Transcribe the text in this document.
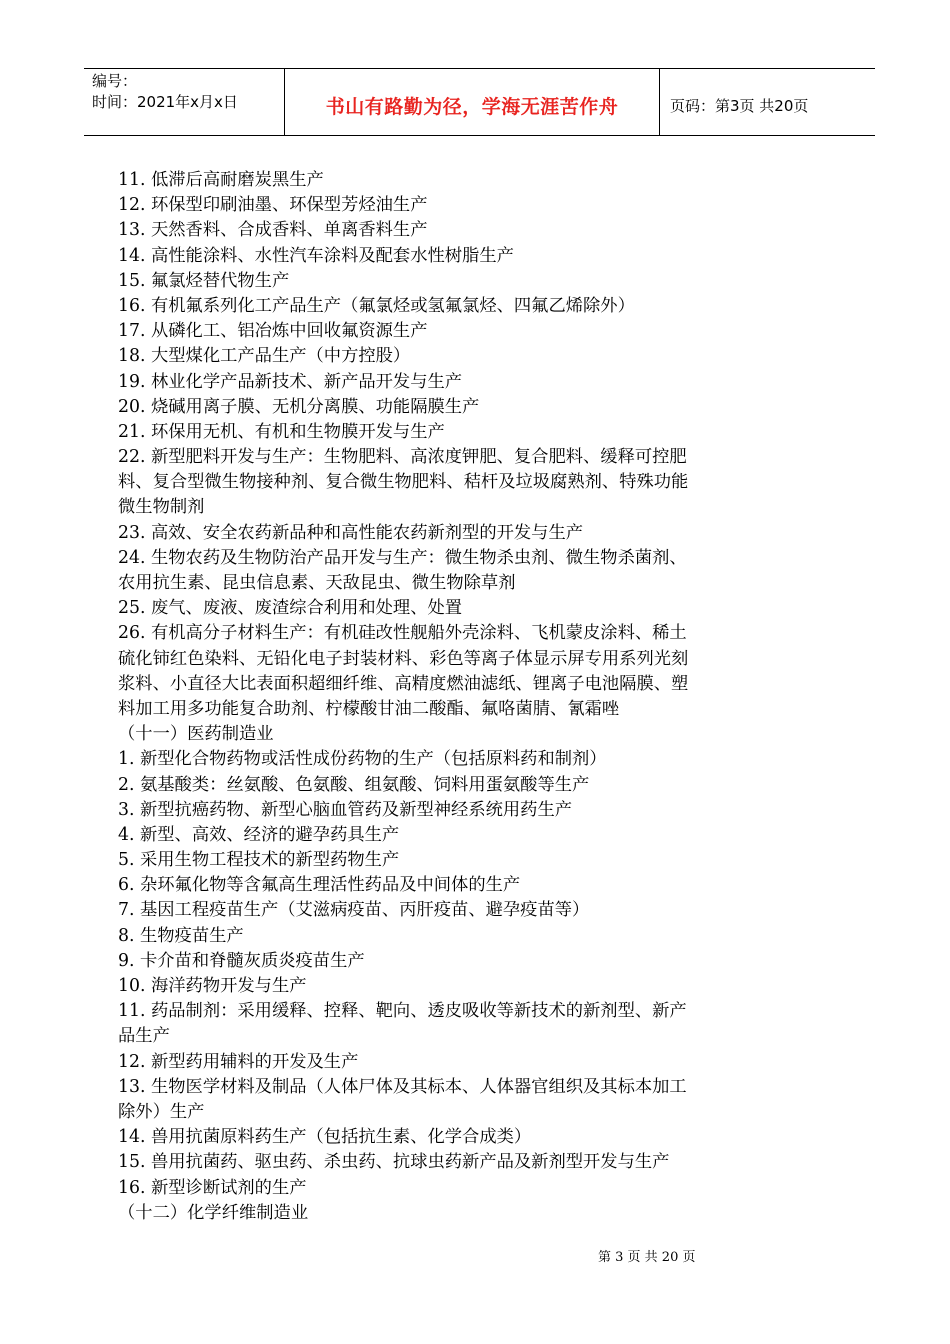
编号：
时间：2021年x月x日	书山有路勤为径，学海无涯苦作舟	页码：第3页 共20页
11. 低滞后高耐磨炭黑生产
12. 环保型印刷油墨、环保型芳烃油生产
13. 天然香料、合成香料、单离香料生产
14. 高性能涂料、水性汽车涂料及配套水性树脂生产
15. 氟氯烃替代物生产
16. 有机氟系列化工产品生产（氟氯烃或氢氟氯烃、四氟乙烯除外）
17. 从磷化工、铝冶炼中回收氟资源生产
18. 大型煤化工产品生产（中方控股）
19. 林业化学产品新技术、新产品开发与生产
20. 烧碱用离子膜、无机分离膜、功能隔膜生产
21. 环保用无机、有机和生物膜开发与生产
22. 新型肥料开发与生产：生物肥料、高浓度钾肥、复合肥料、缓释可控肥
料、复合型微生物接种剂、复合微生物肥料、秸杆及垃圾腐熟剂、特殊功能
微生物制剂
23. 高效、安全农药新品种和高性能农药新剂型的开发与生产
24. 生物农药及生物防治产品开发与生产：微生物杀虫剂、微生物杀菌剂、
农用抗生素、昆虫信息素、天敌昆虫、微生物除草剂
25. 废气、废液、废渣综合利用和处理、处置
26. 有机高分子材料生产：有机硅改性舰船外壳涂料、飞机蒙皮涂料、稀土
硫化铈红色染料、无铅化电子封装材料、彩色等离子体显示屏专用系列光刻
浆料、小直径大比表面积超细纤维、高精度燃油滤纸、锂离子电池隔膜、塑
料加工用多功能复合助剂、柠檬酸甘油二酸酯、氟咯菌腈、氰霜唑
（十一）医药制造业
1. 新型化合物药物或活性成份药物的生产（包括原料药和制剂）
2. 氨基酸类：丝氨酸、色氨酸、组氨酸、饲料用蛋氨酸等生产
3. 新型抗癌药物、新型心脑血管药及新型神经系统用药生产
4. 新型、高效、经济的避孕药具生产
5. 采用生物工程技术的新型药物生产
6. 杂环氟化物等含氟高生理活性药品及中间体的生产
7. 基因工程疫苗生产（艾滋病疫苗、丙肝疫苗、避孕疫苗等）
8. 生物疫苗生产
9. 卡介苗和脊髓灰质炎疫苗生产
10. 海洋药物开发与生产
11. 药品制剂：采用缓释、控释、靶向、透皮吸收等新技术的新剂型、新产
品生产
12. 新型药用辅料的开发及生产
13. 生物医学材料及制品（人体尸体及其标本、人体器官组织及其标本加工
除外）生产
14. 兽用抗菌原料药生产（包括抗生素、化学合成类）
15. 兽用抗菌药、驱虫药、杀虫药、抗球虫药新产品及新剂型开发与生产
16. 新型诊断试剂的生产
（十二）化学纤维制造业
第 3 页 共 20 页
